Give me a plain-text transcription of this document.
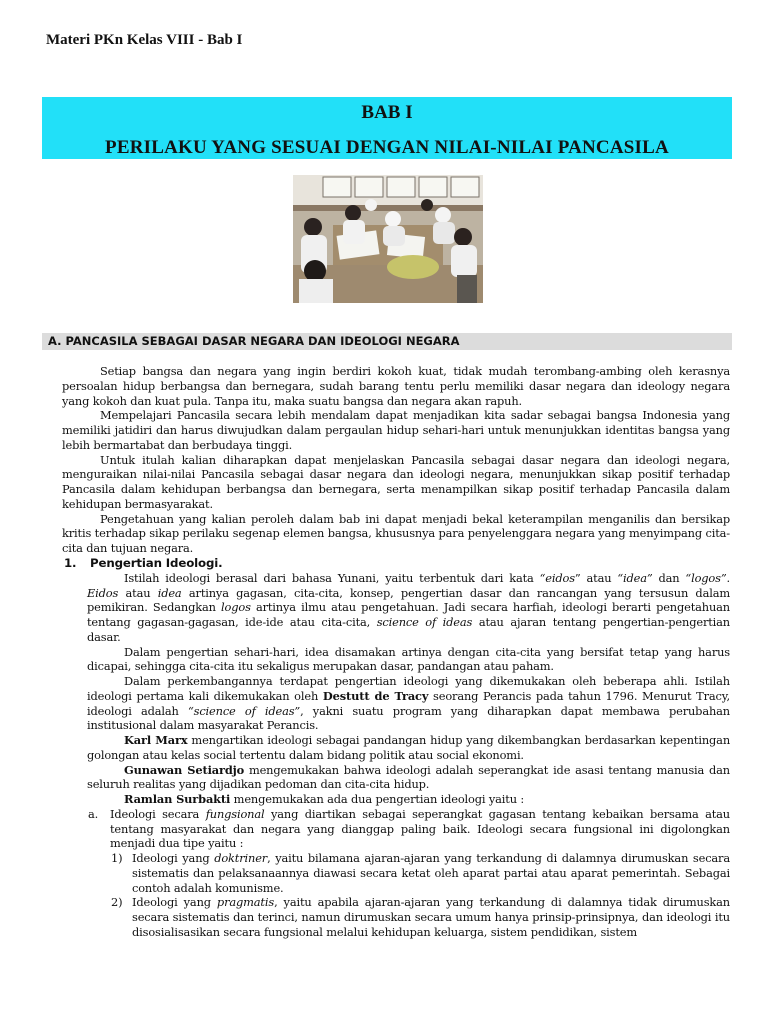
Materi PKn Kelas VIII - Bab I
BAB I
PERILAKU YANG SESUAI DENGAN NILAI-NILAI PANCASILA
A. PANCASILA SEBAGAI DASAR NEGARA DAN IDEOLOGI NEGARA

Setiap bangsa dan negara yang ingin berdiri kokoh kuat, tidak mudah terombang-ambing oleh kerasnya persoalan hidup berbangsa dan bernegara, sudah barang tentu perlu memiliki dasar negara dan ideology negara yang kokoh dan kuat pula. Tanpa itu, maka suatu bangsa dan negara akan rapuh.

Mempelajari Pancasila secara lebih mendalam dapat menjadikan kita sadar sebagai bangsa Indonesia yang memiliki jatidiri dan harus diwujudkan dalam pergaulan hidup sehari-hari untuk menunjukkan identitas bangsa yang lebih bermartabat dan berbudaya tinggi.

Untuk itulah kalian diharapkan dapat menjelaskan Pancasila sebagai dasar negara dan ideologi negara, menguraikan nilai-nilai Pancasila sebagai dasar negara dan ideologi negara, menunjukkan sikap positif terhadap Pancasila dalam kehidupan berbangsa dan bernegara, serta menampilkan sikap positif terhadap Pancasila dalam kehidupan bermasyarakat.

Pengetahuan yang kalian peroleh dalam bab ini dapat menjadi bekal keterampilan menganilis dan bersikap kritis terhadap sikap perilaku segenap elemen bangsa, khususnya para penyelenggara negara yang menyimpang cita-cita dan tujuan negara.

1. Pengertian Ideologi.

Istilah ideologi berasal dari bahasa Yunani, yaitu terbentuk dari kata “eidos” atau “idea” dan “logos”. Eidos atau idea artinya gagasan, cita-cita, konsep, pengertian dasar dan rancangan yang tersusun dalam pemikiran. Sedangkan logos artinya ilmu atau pengetahuan. Jadi secara harfiah, ideologi berarti pengetahuan tentang gagasan-gagasan, ide-ide atau cita-cita, science of ideas atau ajaran tentang pengertian-pengertian dasar.

Dalam pengertian sehari-hari, idea disamakan artinya dengan cita-cita yang bersifat tetap yang harus dicapai, sehingga cita-cita itu sekaligus merupakan dasar, pandangan atau paham.

Dalam perkembangannya terdapat pengertian ideologi yang dikemukakan oleh beberapa ahli. Istilah ideologi pertama kali dikemukakan oleh Destutt de Tracy seorang Perancis pada tahun 1796. Menurut Tracy, ideologi adalah “science of ideas”, yakni suatu program yang diharapkan dapat membawa perubahan institusional dalam masyarakat Perancis.

Karl Marx mengartikan ideologi sebagai pandangan hidup yang dikembangkan berdasarkan kepentingan golongan atau kelas social tertentu dalam bidang politik atau social ekonomi.

Gunawan Setiardjo mengemukakan bahwa ideologi adalah seperangkat ide asasi tentang manusia dan seluruh realitas yang dijadikan pedoman dan cita-cita hidup.

Ramlan Surbakti mengemukakan ada dua pengertian ideologi yaitu :

a. Ideologi secara fungsional yang diartikan sebagai seperangkat gagasan tentang kebaikan bersama atau tentang masyarakat dan negara yang dianggap paling baik. Ideologi secara fungsional ini digolongkan menjadi dua tipe yaitu :

1) Ideologi yang doktriner, yaitu bilamana ajaran-ajaran yang terkandung di dalamnya dirumuskan secara sistematis dan pelaksanaannya diawasi secara ketat oleh aparat partai atau aparat pemerintah. Sebagai contoh adalah komunisme.

2) Ideologi yang pragmatis, yaitu apabila ajaran-ajaran yang terkandung di dalamnya tidak dirumuskan secara sistematis dan terinci, namun dirumuskan secara umum hanya prinsip-prinsipnya, dan ideologi itu disosialisasikan secara fungsional melalui kehidupan keluarga, sistem pendidikan, sistem
